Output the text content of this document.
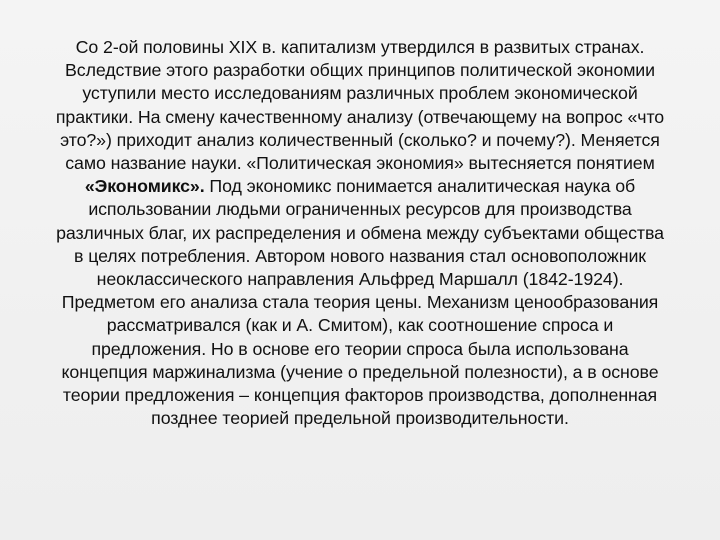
Со 2-ой половины XIX в. капитализм утвердился в развитых странах.
Вследствие этого разработки общих принципов политической экономии
уступили место исследованиям различных проблем экономической
практики. На смену качественному анализу (отвечающему на вопрос «что
это?») приходит анализ количественный (сколько? и почему?). Меняется
само название науки. «Политическая экономия» вытесняется понятием
«Экономикс». Под экономикс понимается аналитическая наука об
использовании людьми ограниченных ресурсов для производства
различных благ, их распределения и обмена между субъектами общества
в целях потребления. Автором нового названия стал основоположник
неоклассического направления Альфред Маршалл (1842-1924).
Предметом его анализа стала теория цены. Механизм ценообразования
рассматривался (как и А. Смитом), как соотношение спроса и
предложения. Но в основе его теории спроса была использована
концепция маржинализма (учение о предельной полезности), а в основе
теории предложения – концепция факторов производства, дополненная
позднее теорией предельной производительности.
